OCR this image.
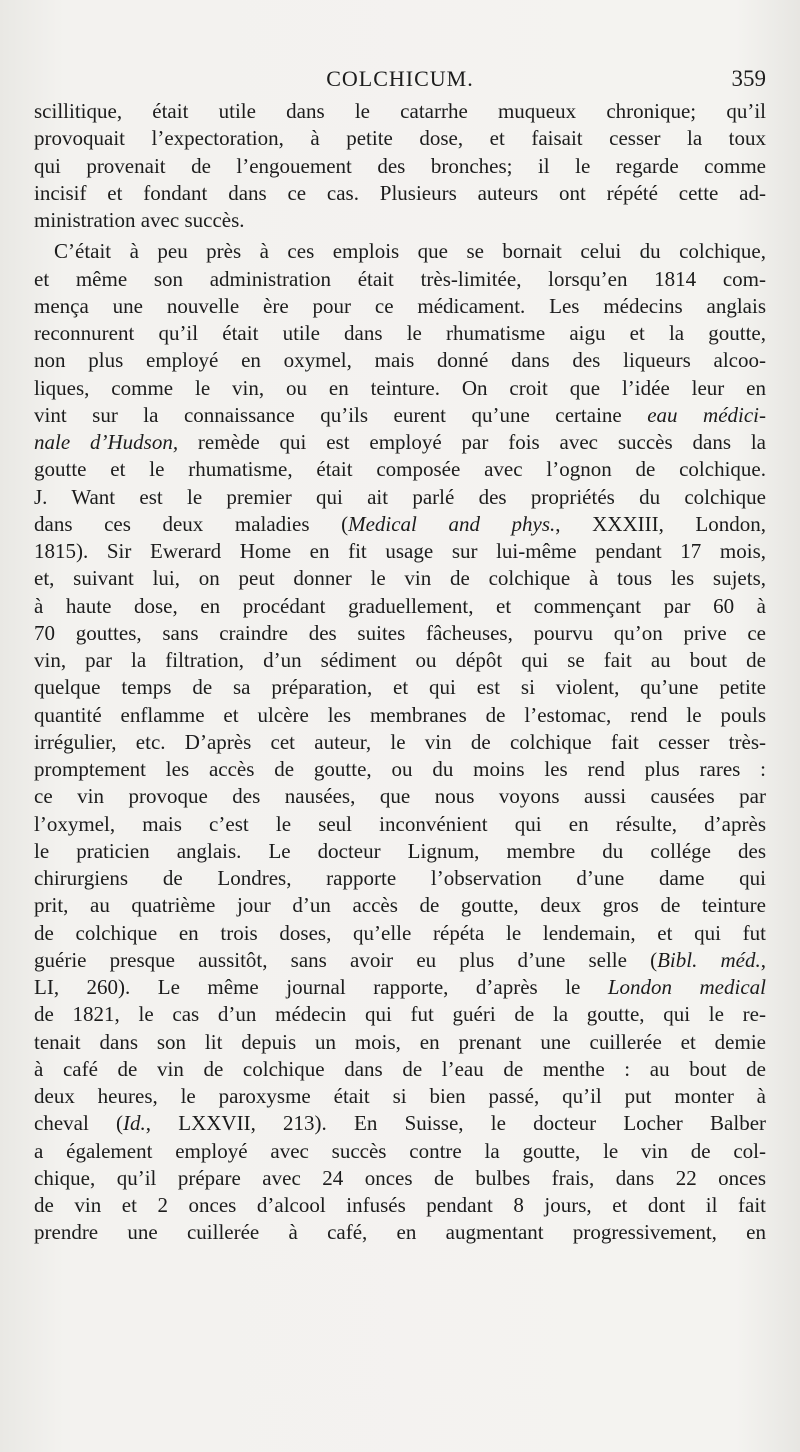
COLCHICUM.	359
scillitique, était utile dans le catarrhe muqueux chronique; qu’il
provoquait l’expectoration, à petite dose, et faisait cesser la toux
qui provenait de l’engouement des bronches; il le regarde comme
incisif et fondant dans ce cas. Plusieurs auteurs ont répété cette ad-
ministration avec succès.
C’était à peu près à ces emplois que se bornait celui du colchique,
et même son administration était très-limitée, lorsqu’en 1814 com-
mença une nouvelle ère pour ce médicament. Les médecins anglais
reconnurent qu’il était utile dans le rhumatisme aigu et la goutte,
non plus employé en oxymel, mais donné dans des liqueurs alcoo-
liques, comme le vin, ou en teinture. On croit que l’idée leur en
vint sur la connaissance qu’ils eurent qu’une certaine eau médici-
nale d’Hudson, remède qui est employé par fois avec succès dans la
goutte et le rhumatisme, était composée avec l’ognon de colchique.
J. Want est le premier qui ait parlé des propriétés du colchique
dans ces deux maladies (Medical and phys., XXXIII, London,
1815). Sir Ewerard Home en fit usage sur lui-même pendant 17 mois,
et, suivant lui, on peut donner le vin de colchique à tous les sujets,
à haute dose, en procédant graduellement, et commençant par 60 à
70 gouttes, sans craindre des suites fâcheuses, pourvu qu’on prive ce
vin, par la filtration, d’un sédiment ou dépôt qui se fait au bout de
quelque temps de sa préparation, et qui est si violent, qu’une petite
quantité enflamme et ulcère les membranes de l’estomac, rend le pouls
irrégulier, etc. D’après cet auteur, le vin de colchique fait cesser très-
promptement les accès de goutte, ou du moins les rend plus rares :
ce vin provoque des nausées, que nous voyons aussi causées par
l’oxymel, mais c’est le seul inconvénient qui en résulte, d’après
le praticien anglais. Le docteur Lignum, membre du collége des
chirurgiens de Londres, rapporte l’observation d’une dame qui
prit, au quatrième jour d’un accès de goutte, deux gros de teinture
de colchique en trois doses, qu’elle répéta le lendemain, et qui fut
guérie presque aussitôt, sans avoir eu plus d’une selle (Bibl. méd.,
LI, 260). Le même journal rapporte, d’après le London medical
de 1821, le cas d’un médecin qui fut guéri de la goutte, qui le re-
tenait dans son lit depuis un mois, en prenant une cuillerée et demie
à café de vin de colchique dans de l’eau de menthe : au bout de
deux heures, le paroxysme était si bien passé, qu’il put monter à
cheval (Id., LXXVII, 213). En Suisse, le docteur Locher Balber
a également employé avec succès contre la goutte, le vin de col-
chique, qu’il prépare avec 24 onces de bulbes frais, dans 22 onces
de vin et 2 onces d’alcool infusés pendant 8 jours, et dont il fait
prendre une cuillerée à café, en augmentant progressivement, en
